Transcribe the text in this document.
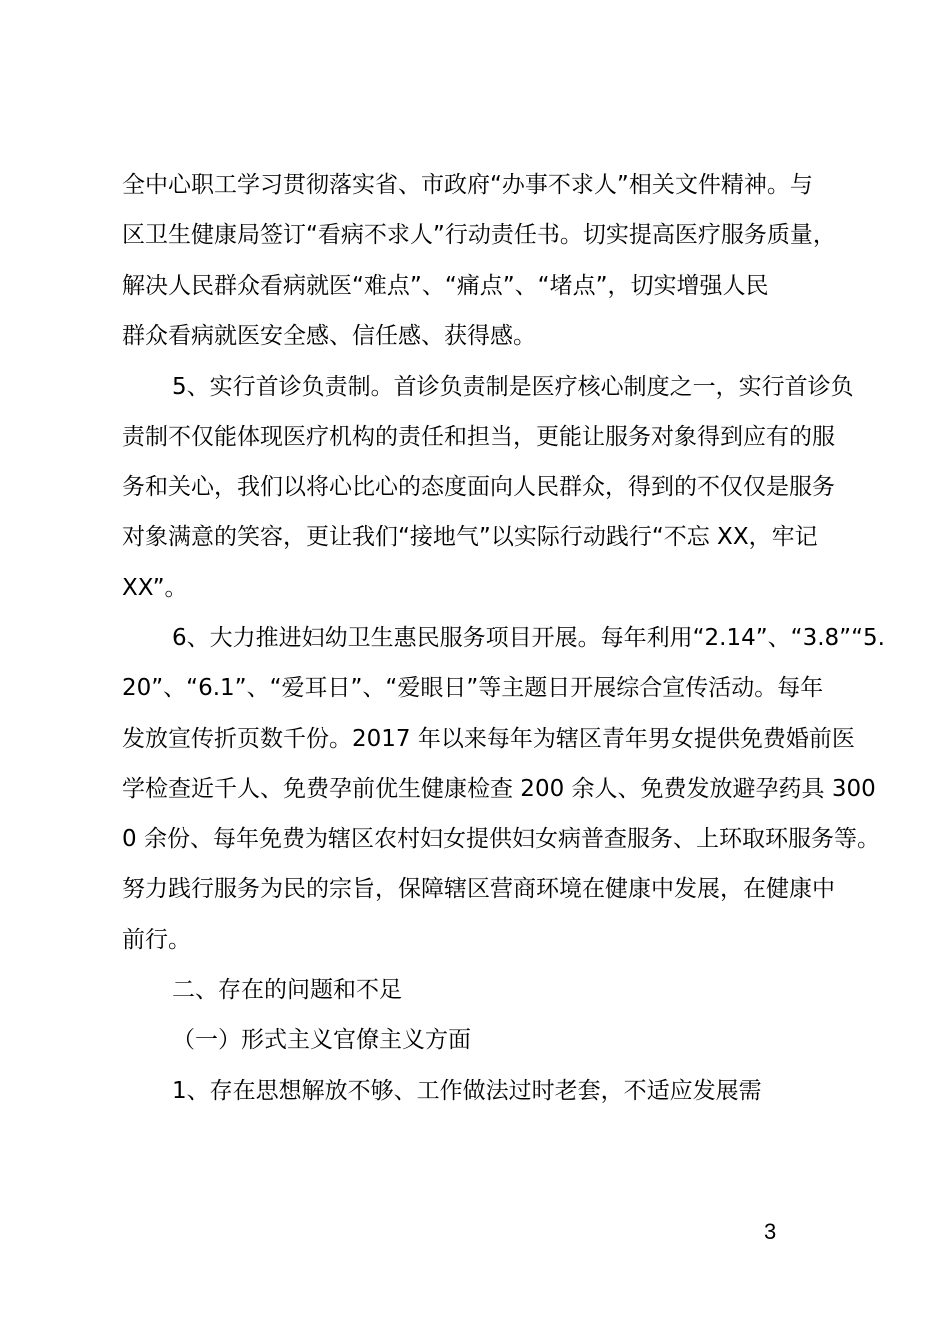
全中心职工学习贯彻落实省、市政府“办事不求人”相关文件精神。与
区卫生健康局签订“看病不求人”行动责任书。切实提高医疗服务质量，
解决人民群众看病就医“难点”、“痛点”、“堵点”，切实增强人民
群众看病就医安全感、信任感、获得感。
5、实行首诊负责制。首诊负责制是医疗核心制度之一，实行首诊负
责制不仅能体现医疗机构的责任和担当，更能让服务对象得到应有的服
务和关心，我们以将心比心的态度面向人民群众，得到的不仅仅是服务
对象满意的笑容，更让我们“接地气”以实际行动践行“不忘 XX，牢记
XX”。
6、大力推进妇幼卫生惠民服务项目开展。每年利用“2.14”、“3.8”“5.
20”、“6.1”、“爱耳日”、“爱眼日”等主题日开展综合宣传活动。每年
发放宣传折页数千份。2017 年以来每年为辖区青年男女提供免费婚前医
学检查近千人、免费孕前优生健康检查 200 余人、免费发放避孕药具 300
0 余份、每年免费为辖区农村妇女提供妇女病普查服务、上环取环服务等。
努力践行服务为民的宗旨，保障辖区营商环境在健康中发展，在健康中
前行。
二、存在的问题和不足
（一）形式主义官僚主义方面
1、存在思想解放不够、工作做法过时老套，不适应发展需
3
